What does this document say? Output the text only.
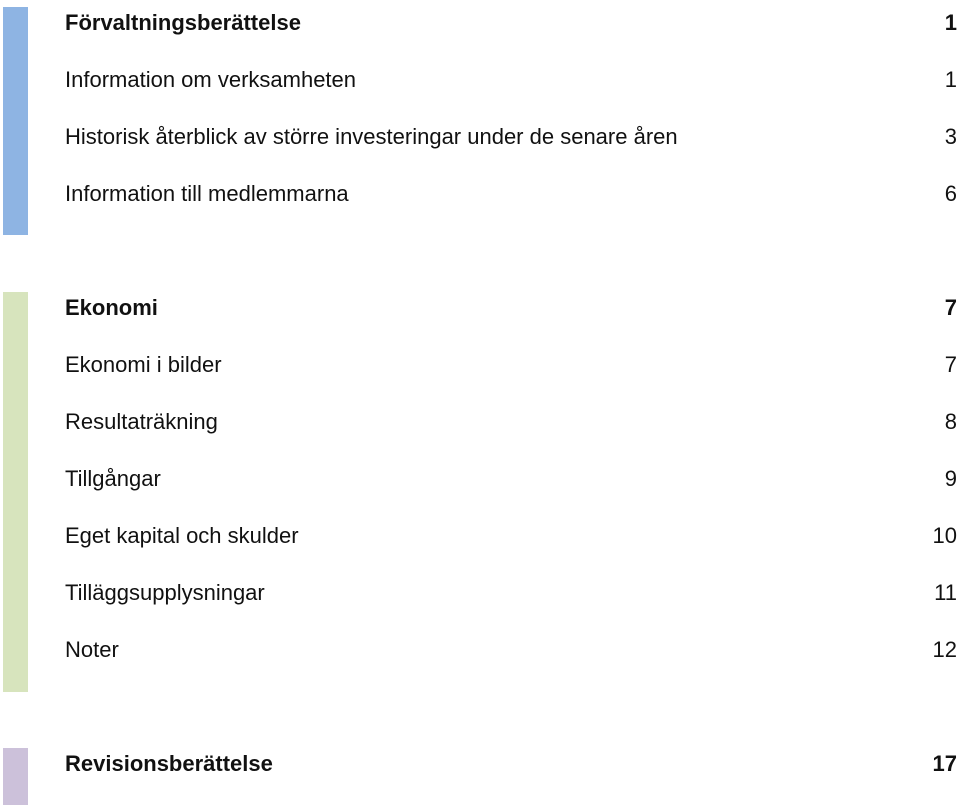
Förvaltningsberättelse	1
Information om verksamheten	1
Historisk återblick av större investeringar under de senare åren	3
Information till medlemmarna	6
Ekonomi	7
Ekonomi i bilder	7
Resultaträkning	8
Tillgångar	9
Eget kapital och skulder	10
Tilläggsupplysningar	11
Noter	12
Revisionsberättelse	17
